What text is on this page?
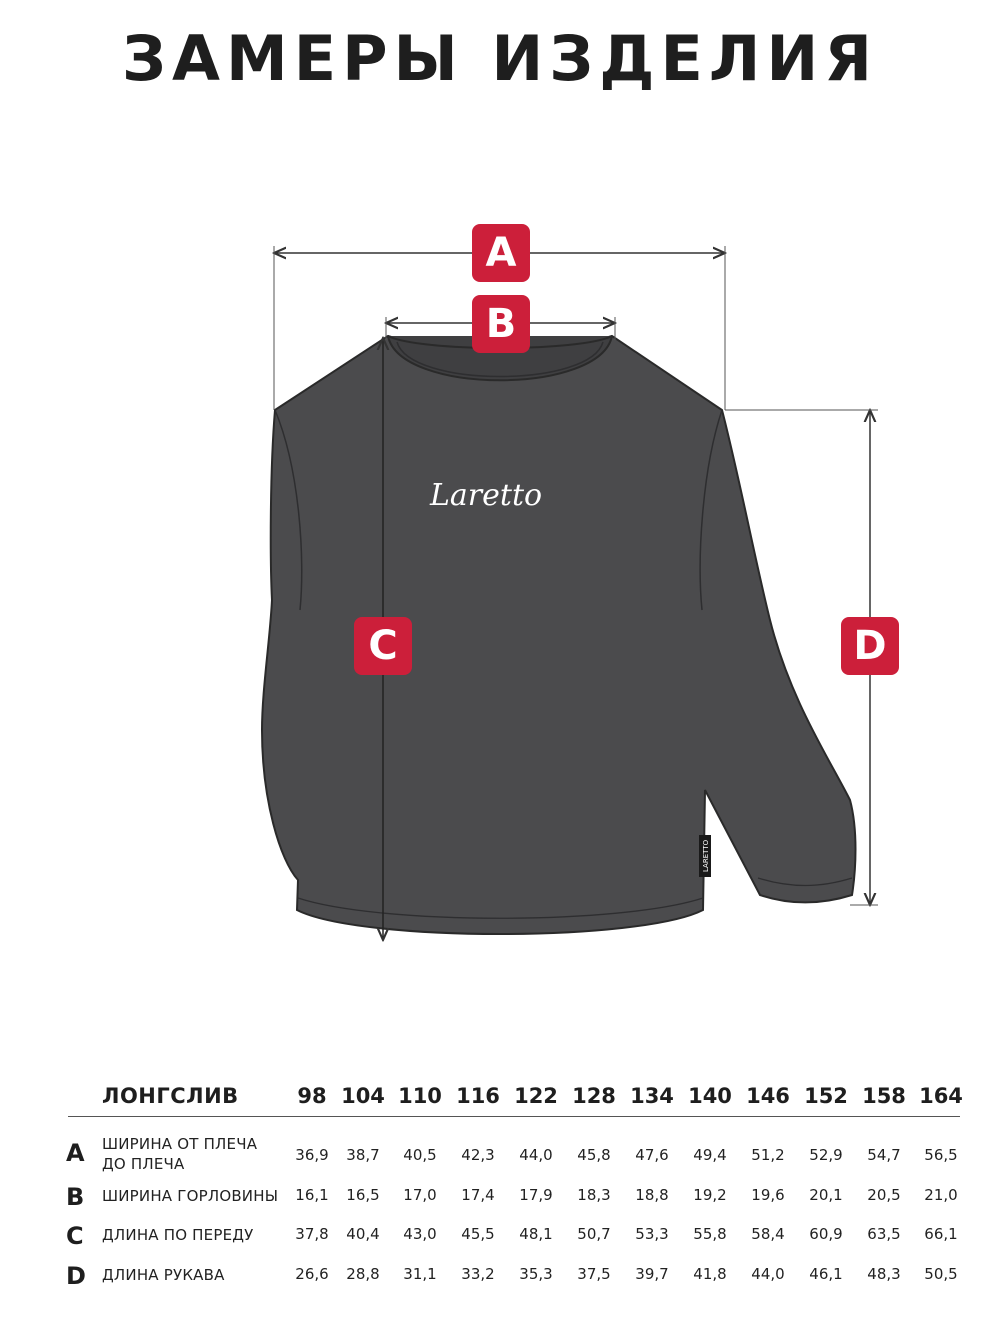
ЗАМЕРЫ ИЗДЕЛИЯ
Laretto
LARETTO
A
B
C	D
ЛОНГСЛИВ	98 104 110 116 122 128 134 140 146 152 158 164
A ШИРИНА ОТ ПЛЕЧА ДО ПЛЕЧА	36,9 38,7 40,5 42,3 44,0 45,8 47,6 49,4 51,2 52,9 54,7 56,5
B ШИРИНА ГОРЛОВИНЫ	16,1 16,5 17,0 17,4 17,9 18,3 18,8 19,2 19,6 20,1 20,5 21,0
C ДЛИНА ПО ПЕРЕДУ	37,8 40,4 43,0 45,5 48,1 50,7 53,3 55,8 58,4 60,9 63,5 66,1
D ДЛИНА РУКАВА	26,6 28,8 31,1 33,2 35,3 37,5 39,7 41,8 44,0 46,1 48,3 50,5
